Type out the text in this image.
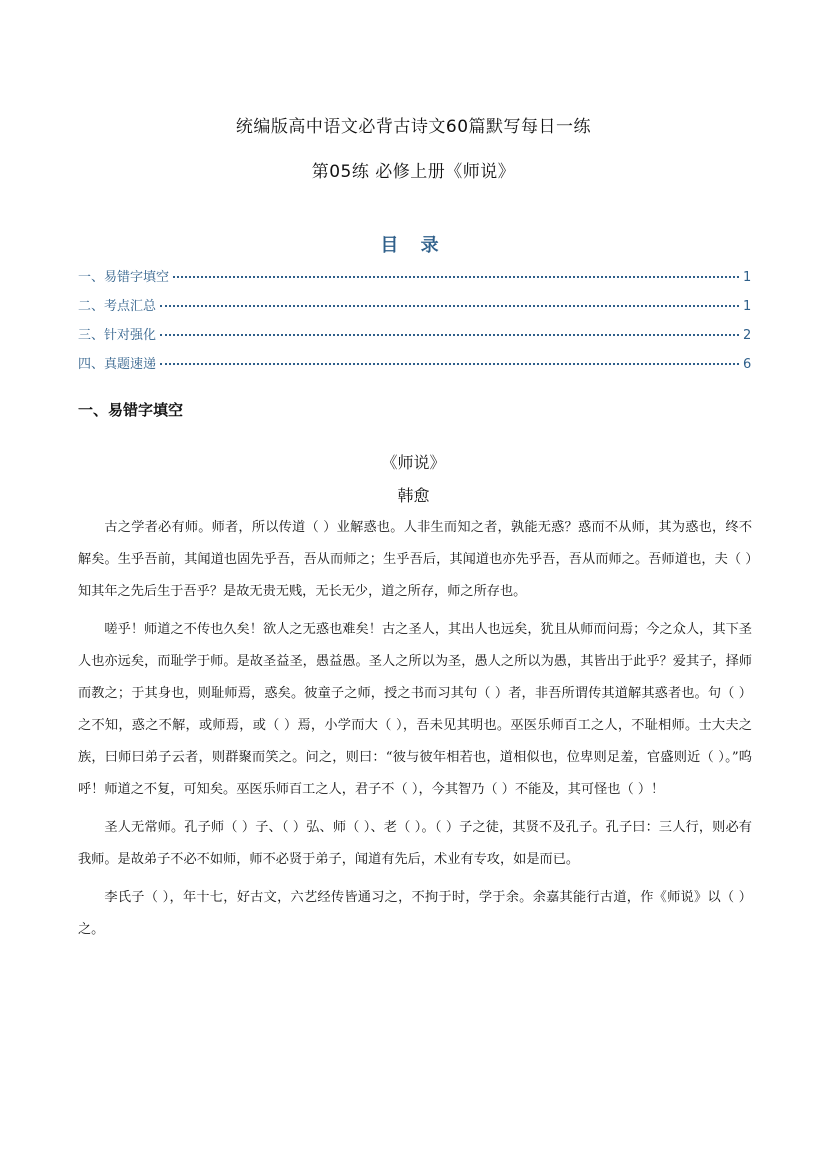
统编版高中语文必背古诗文60篇默写每日一练
第05练 必修上册《师说》
目 录
一、易错字填空	1
二、考点汇总	1
三、针对强化	2
四、真题速递	6
一、易错字填空
《师说》
韩愈

古之学者必有师。师者，所以传道（ ）业解惑也。人非生而知之者，孰能无惑？惑而不从师，其为惑也，终不解矣。生乎吾前，其闻道也固先乎吾，吾从而师之；生乎吾后，其闻道也亦先乎吾，吾从而师之。吾师道也，夫（ ）知其年之先后生于吾乎？是故无贵无贱，无长无少，道之所存，师之所存也。

嗟乎！师道之不传也久矣！欲人之无惑也难矣！古之圣人，其出人也远矣，犹且从师而问焉；今之众人，其下圣人也亦远矣，而耻学于师。是故圣益圣，愚益愚。圣人之所以为圣，愚人之所以为愚，其皆出于此乎？爱其子，择师而教之；于其身也，则耻师焉，惑矣。彼童子之师，授之书而习其句（ ）者，非吾所谓传其道解其惑者也。句（ ）之不知，惑之不解，或师焉，或（ ）焉，小学而大（ ），吾未见其明也。巫医乐师百工之人，不耻相师。士大夫之族，曰师曰弟子云者，则群聚而笑之。问之，则曰：“彼与彼年相若也，道相似也，位卑则足羞，官盛则近（ ）。”呜呼！师道之不复，可知矣。巫医乐师百工之人，君子不（ ），今其智乃（ ）不能及，其可怪也（ ）！

圣人无常师。孔子师（ ）子、（ ）弘、师（ ）、老（ ）。（ ）子之徒，其贤不及孔子。孔子曰：三人行，则必有我师。是故弟子不必不如师，师不必贤于弟子，闻道有先后，术业有专攻，如是而已。

李氏子（ ），年十七，好古文，六艺经传皆通习之，不拘于时，学于余。余嘉其能行古道，作《师说》以（ ）之。
